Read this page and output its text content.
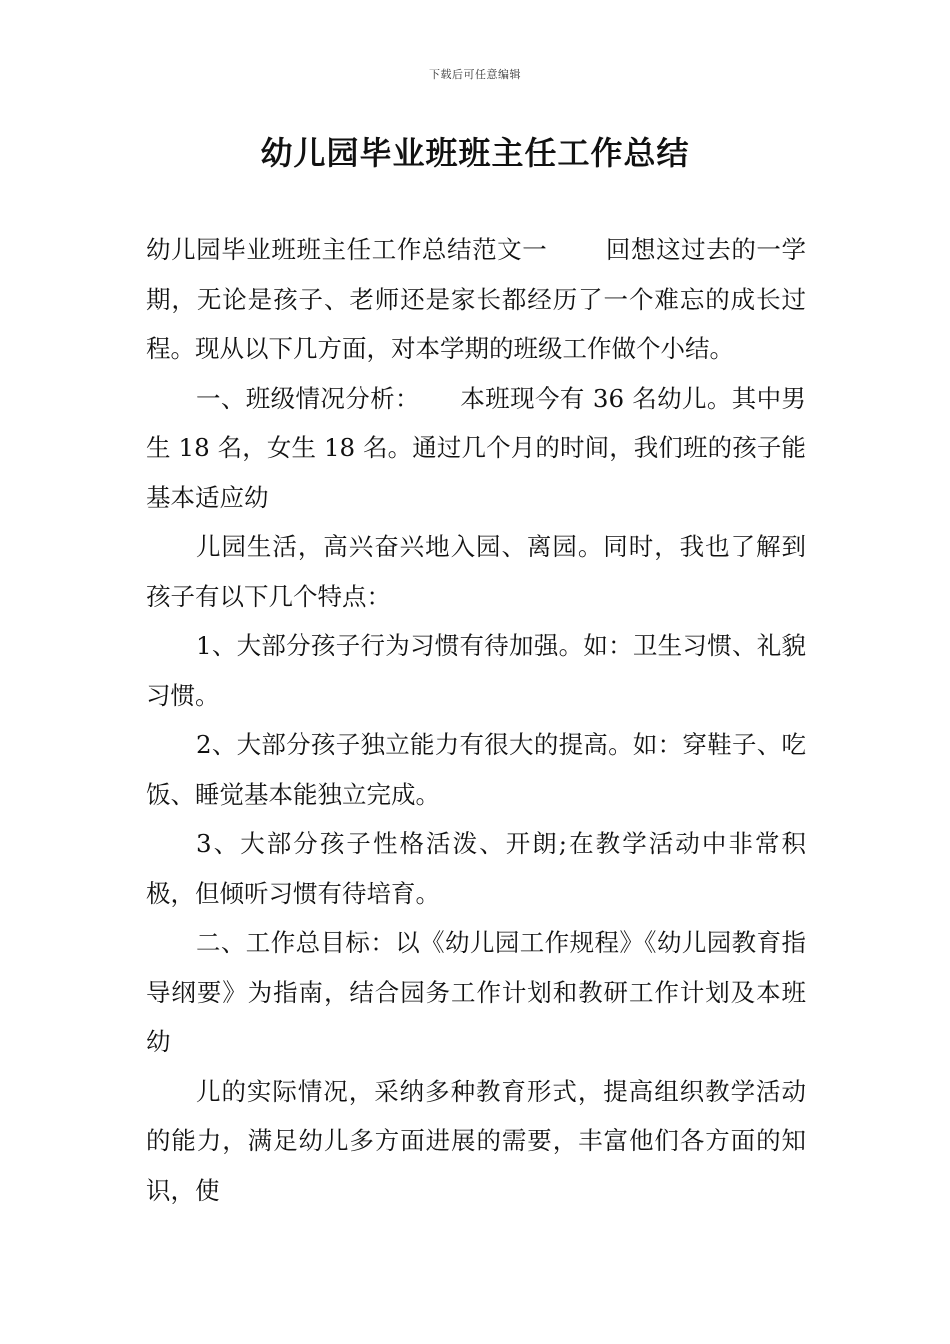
下载后可任意编辑
幼儿园毕业班班主任工作总结

幼儿园毕业班班主任工作总结范文一 回想这过去的一学期，无论是孩子、老师还是家长都经历了一个难忘的成长过程。现从以下几方面，对本学期的班级工作做个小结。

一、班级情况分析： 本班现今有 36 名幼儿。其中男生 18 名，女生 18 名。通过几个月的时间，我们班的孩子能基本适应幼

儿园生活，高兴奋兴地入园、离园。同时，我也了解到孩子有以下几个特点：

1、大部分孩子行为习惯有待加强。如：卫生习惯、礼貌习惯。

2、大部分孩子独立能力有很大的提高。如：穿鞋子、吃饭、睡觉基本能独立完成。

3、大部分孩子性格活泼、开朗;在教学活动中非常积极，但倾听习惯有待培育。

二、工作总目标：以《幼儿园工作规程》《幼儿园教育指导纲要》为指南，结合园务工作计划和教研工作计划及本班幼

儿的实际情况，采纳多种教育形式，提高组织教学活动的能力，满足幼儿多方面进展的需要，丰富他们各方面的知识，使
